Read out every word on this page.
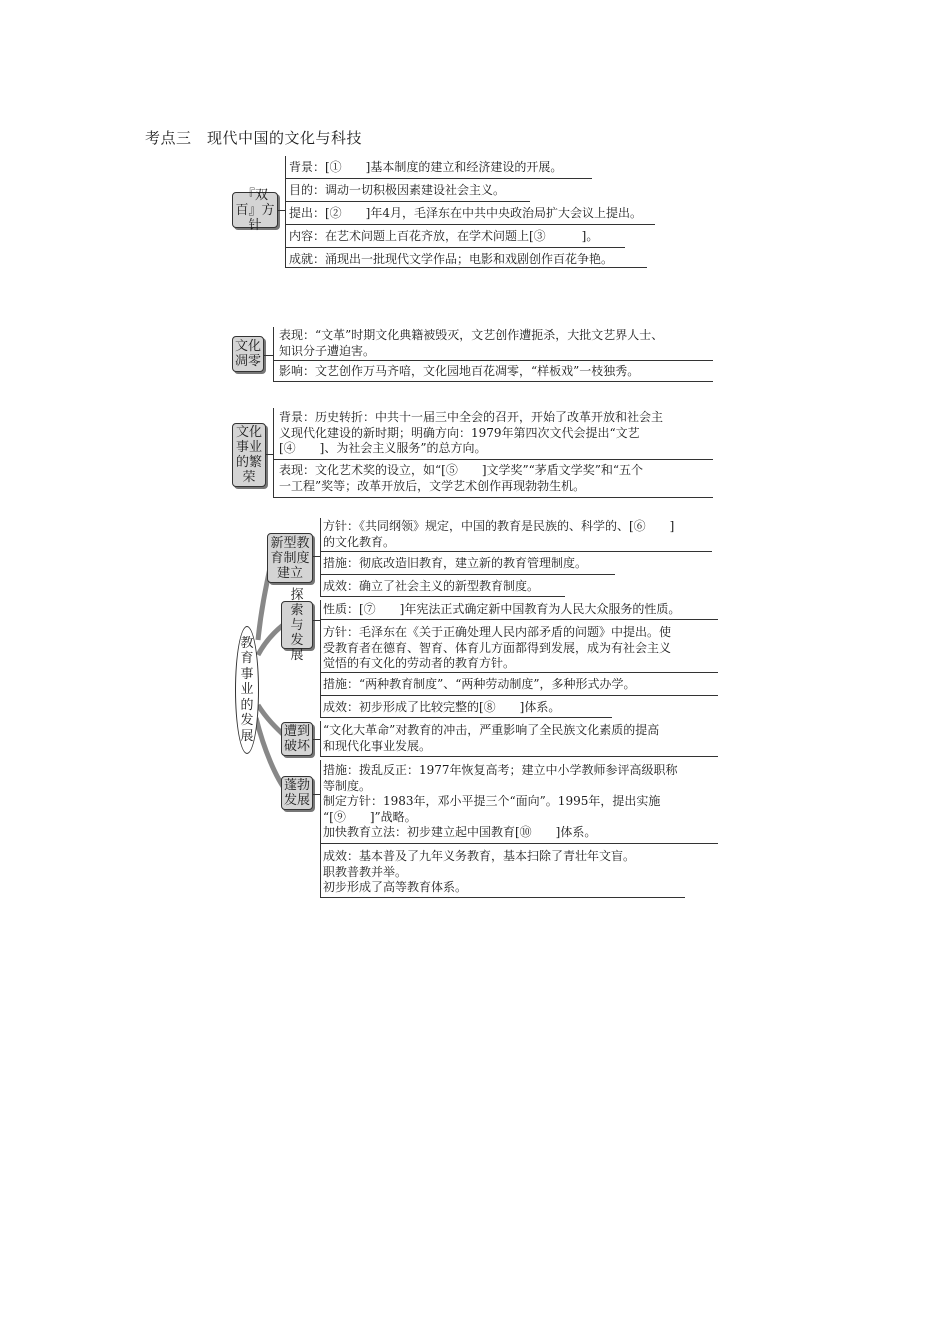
考点三　现代中国的文化与科技
『双百』方针
背景：[①　　]基本制度的建立和经济建设的开展。
目的：调动一切积极因素建设社会主义。
提出：[②　　]年4月，毛泽东在中共中央政治局扩大会议上提出。
内容：在艺术问题上百花齐放，在学术问题上[③　　　]。
成就：涌现出一批现代文学作品；电影和戏剧创作百花争艳。
文化凋零
表现：“文革”时期文化典籍被毁灭，文艺创作遭扼杀，大批文艺界人士、
知识分子遭迫害。
影响：文艺创作万马齐喑，文化园地百花凋零，“样板戏”一枝独秀。
文化事业的繁荣
背景：历史转折：中共十一届三中全会的召开，开始了改革开放和社会主
义现代化建设的新时期；明确方向：1979年第四次文代会提出“文艺
[④　　]、为社会主义服务”的总方向。
表现：文化艺术奖的设立，如“[⑤　　]文学奖”“茅盾文学奖”和“五个
一工程”奖等；改革开放后，文学艺术创作再现勃勃生机。
教育事业的发展
新型教育制度建立
方针：《共同纲领》规定，中国的教育是民族的、科学的、[⑥　　]
的文化教育。
措施：彻底改造旧教育，建立新的教育管理制度。
成效：确立了社会主义的新型教育制度。
探索与发展
性质：[⑦　　]年宪法正式确定新中国教育为人民大众服务的性质。
方针：毛泽东在《关于正确处理人民内部矛盾的问题》中提出。使
受教育者在德育、智育、体育儿方面都得到发展，成为有社会主义
觉悟的有文化的劳动者的教育方针。
措施：“两种教育制度”、“两种劳动制度”，多种形式办学。
成效：初步形成了比较完整的[⑧　　]体系。
遭到破坏
“文化大革命”对教育的冲击，严重影响了全民族文化素质的提高
和现代化事业发展。
蓬勃发展
措施：拨乱反正：1977年恢复高考；建立中小学教师参评高级职称
等制度。
制定方针：1983年，邓小平提三个“面向”。1995年，提出实施
“[⑨　　]”战略。
加快教育立法：初步建立起中国教育[⑩　　]体系。
成效：基本普及了九年义务教育，基本扫除了青壮年文盲。
职教普教并举。
初步形成了高等教育体系。
